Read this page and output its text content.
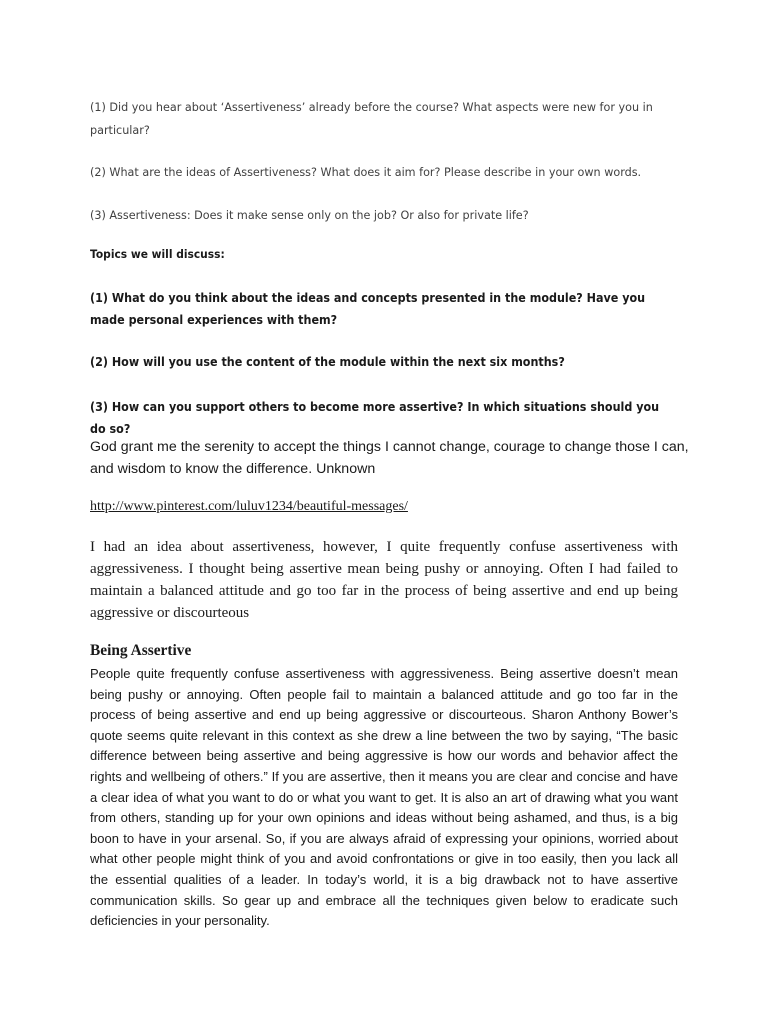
(1) Did you hear about ‘Assertiveness’ already before the course? What aspects were new for you in particular?

(2) What are the ideas of Assertiveness? What does it aim for? Please describe in your own words.

(3) Assertiveness: Does it make sense only on the job? Or also for private life?

Topics we will discuss:

(1) What do you think about the ideas and concepts presented in the module? Have you made personal experiences with them?

(2) How will you use the content of the module within the next six months?

(3) How can you support others to become more assertive? In which situations should you do so?

God grant me the serenity to accept the things I cannot change, courage to change those I can, and wisdom to know the difference. Unknown

http://www.pinterest.com/luluv1234/beautiful-messages/

I had an idea about assertiveness, however, I quite frequently confuse assertiveness with aggressiveness. I thought being assertive mean being pushy or annoying. Often I had failed to maintain a balanced attitude and go too far in the process of being assertive and end up being aggressive or discourteous

Being Assertive

People quite frequently confuse assertiveness with aggressiveness. Being assertive doesn’t mean being pushy or annoying. Often people fail to maintain a balanced attitude and go too far in the process of being assertive and end up being aggressive or discourteous. Sharon Anthony Bower’s quote seems quite relevant in this context as she drew a line between the two by saying, “The basic difference between being assertive and being aggressive is how our words and behavior affect the rights and wellbeing of others.” If you are assertive, then it means you are clear and concise and have a clear idea of what you want to do or what you want to get. It is also an art of drawing what you want from others, standing up for your own opinions and ideas without being ashamed, and thus, is a big boon to have in your arsenal. So, if you are always afraid of expressing your opinions, worried about what other people might think of you and avoid confrontations or give in too easily, then you lack all the essential qualities of a leader. In today’s world, it is a big drawback not to have assertive communication skills. So gear up and embrace all the techniques given below to eradicate such deficiencies in your personality.
